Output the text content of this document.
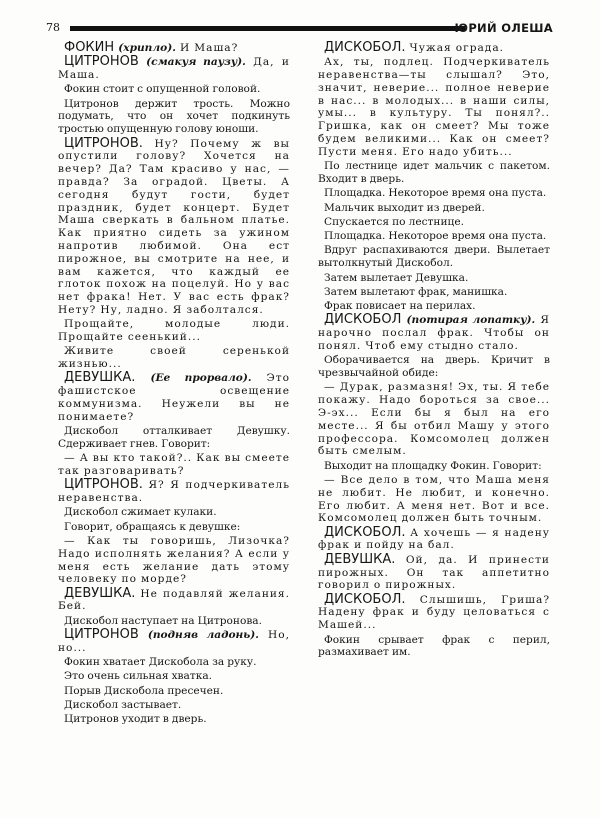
78	ЮРИЙ ОЛЕША

ФОКИН (хрипло). И Маша?

ЦИТРОНОВ (смакуя паузу). Да, и Маша.

Фокин стоит с опущенной головой.

Цитронов держит трость. Можно подумать, что он хочет подкинуть тростью опущенную голову юноши.

ЦИТРОНОВ. Ну? Почему ж вы опустили голову? Хочется на вечер? Да? Там красиво у нас, — правда? За оградой. Цветы. А сегодня будут гости, будет праздник, будет концерт. Будет Маша сверкать в бальном платье. Как приятно сидеть за ужином напротив любимой. Она ест пирожное, вы смотрите на нее, и вам кажется, что каждый ее глоток похож на поцелуй. Но у вас нет фрака! Нет. У вас есть фрак? Нету? Ну, ладно. Я заболтался.

Прощайте, молодые люди. Прощайте сеенький...

Живите своей серенькой жизнью...

ДЕВУШКА. (Ее прорвало). Это фашистское освещение коммунизма. Неужели вы не понимаете?

Дискобол отталкивает Девушку. Сдерживает гнев. Говорит:

— А вы кто такой?.. Как вы смеете так разговаривать?

ЦИТРОНОВ. Я? Я подчеркиватель неравенства.

Дискобол сжимает кулаки.

Говорит, обращаясь к девушке:

— Как ты говоришь, Лизочка? Надо исполнять желания? А если у меня есть желание дать этому человеку по морде?

ДЕВУШКА. Не подавляй желания. Бей.

Дискобол наступает на Цитронова.

ЦИТРОНОВ (подняв ладонь). Но, но...

Фокин хватает Дискобола за руку.

Это очень сильная хватка.

Порыв Дискобола пресечен.

Дискобол застывает.

Цитронов уходит в дверь.

ДИСКОБОЛ. Чужая ограда.

Ах, ты, подлец. Подчеркиватель неравенства—ты слышал? Это, значит, неверие... полное неверие в нас... в молодых... в наши силы, умы... в культуру. Ты понял?.. Гришка, как он смеет? Мы тоже будем великими... Как он смеет? Пусти меня. Его надо убить...

По лестнице идет мальчик с пакетом. Входит в дверь.

Площадка. Некоторое время она пуста.

Мальчик выходит из дверей.

Спускается по лестнице.

Площадка. Некоторое время она пуста.

Вдруг распахиваются двери. Вылетает вытолкнутый Дискобол.

Затем вылетает Девушка.

Затем вылетают фрак, манишка.

Фрак повисает на перилах.

ДИСКОБОЛ (потирая лопатку). Я нарочно послал фрак. Чтобы он понял. Чтоб ему стыдно стало.

Оборачивается на дверь. Кричит в чрезвычайной обиде:

— Дурак, размазня! Эх, ты. Я тебе покажу. Надо бороться за свое... Э-эх... Если бы я был на его месте... Я бы отбил Машу у этого профессора. Комсомолец должен быть смелым.

Выходит на площадку Фокин. Говорит:

— Все дело в том, что Маша меня не любит. Не любит, и конечно. Его любит. А меня нет. Вот и все. Комсомолец должен быть точным.

ДИСКОБОЛ. А хочешь — я надену фрак и пойду на бал.

ДЕВУШКА. Ой, да. И принести пирожных. Он так аппетитно говорил о пирожных.

ДИСКОБОЛ. Слышишь, Гриша? Надену фрак и буду целоваться с Машей...

Фокин срывает фрак с перил, размахивает им.
